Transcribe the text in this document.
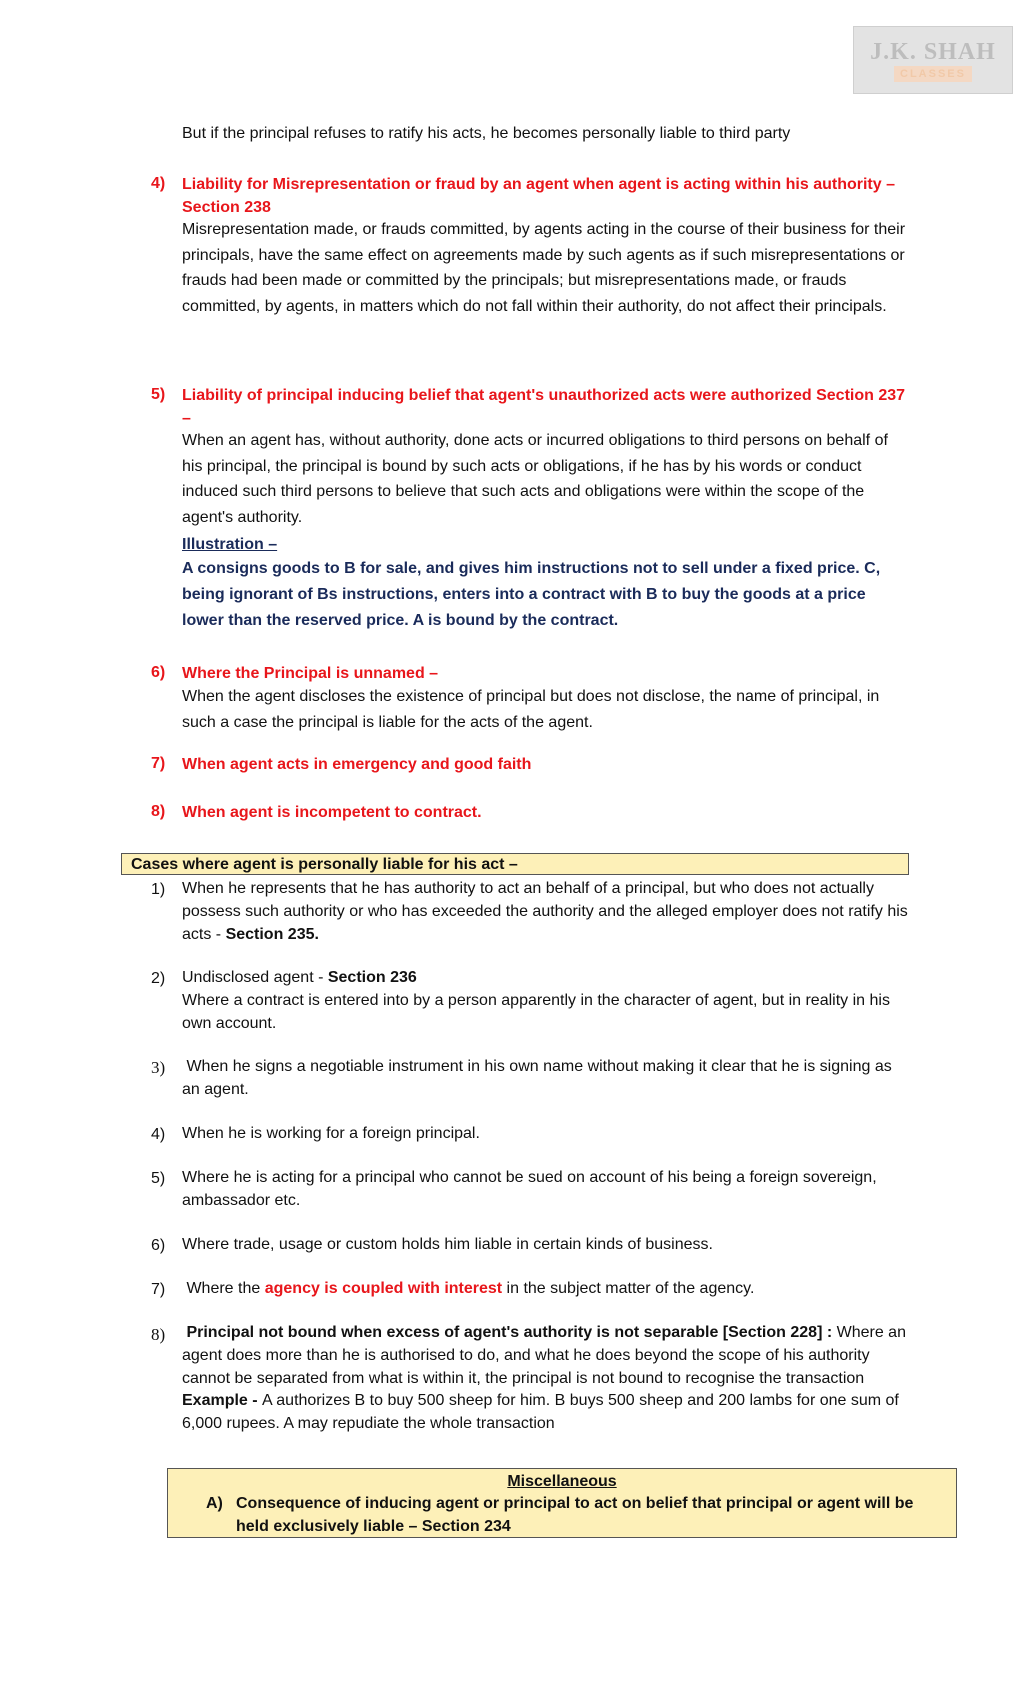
J.K. SHAH
CLASSES

But if the principal refuses to ratify his acts, he becomes personally liable to third party

4) Liability for Misrepresentation or fraud by an agent when agent is acting within his authority – Section 238

Misrepresentation made, or frauds committed, by agents acting in the course of their business for their principals, have the same effect on agreements made by such agents as if such misrepresentations or frauds had been made or committed by the principals; but misrepresentations made, or frauds committed, by agents, in matters which do not fall within their authority, do not affect their principals.

5) Liability of principal inducing belief that agent's unauthorized acts were authorized Section 237 –

When an agent has, without authority, done acts or incurred obligations to third persons on behalf of his principal, the principal is bound by such acts or obligations, if he has by his words or conduct induced such third persons to believe that such acts and obligations were within the scope of the agent's authority.

Illustration –
A consigns goods to B for sale, and gives him instructions not to sell under a fixed price. C, being ignorant of Bs instructions, enters into a contract with B to buy the goods at a price lower than the reserved price. A is bound by the contract.
6) Where the Principal is unnamed –

When the agent discloses the existence of principal but does not disclose, the name of principal, in such a case the principal is liable for the acts of the agent.

7) When agent acts in emergency and good faith
8) When agent is incompetent to contract.
Cases where agent is personally liable for his act –
1) When he represents that he has authority to act an behalf of a principal, but who does not actually possess such authority or who has exceeded the authority and the alleged employer does not ratify his acts - Section 235.

2) Undisclosed agent - Section 236
Where a contract is entered into by a person apparently in the character of agent, but in reality in his own account.

3) When he signs a negotiable instrument in his own name without making it clear that he is signing as an agent.

4) When he is working for a foreign principal.

5) Where he is acting for a principal who cannot be sued on account of his being a foreign sovereign, ambassador etc.

6) Where trade, usage or custom holds him liable in certain kinds of business.

7) Where the agency is coupled with interest in the subject matter of the agency.

8) Principal not bound when excess of agent's authority is not separable [Section 228] : Where an agent does more than he is authorised to do, and what he does beyond the scope of his authority cannot be separated from what is within it, the principal is not bound to recognise the transaction
Example - A authorizes B to buy 500 sheep for him. B buys 500 sheep and 200 lambs for one sum of 6,000 rupees. A may repudiate the whole transaction

Miscellaneous
A) Consequence of inducing agent or principal to act on belief that principal or agent will be held exclusively liable – Section 234
